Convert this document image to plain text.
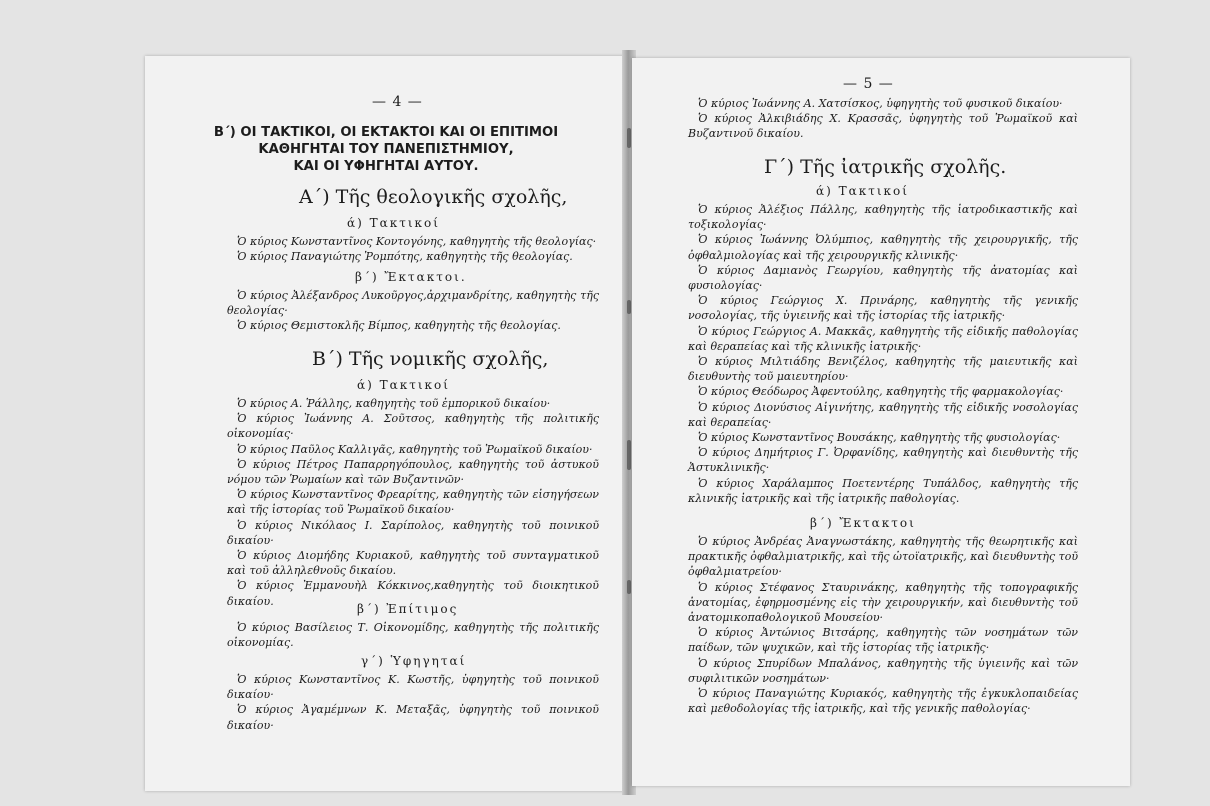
— 4 —
Β΄) ΟΙ ΤΑΚΤΙΚΟΙ, ΟΙ ΕΚΤΑΚΤΟΙ ΚΑΙ ΟΙ ΕΠΙΤΙΜΟΙ
ΚΑΘΗΓΗΤΑΙ ΤΟΥ ΠΑΝΕΠΙΣΤΗΜΙΟΥ,
ΚΑΙ ΟΙ ΥΦΗΓΗΤΑΙ ΑΥΤΟΥ.
Α΄) Τῆς θεολογικῆς σχολῆς,
ά) Τακτικοί

Ὁ κύριος Κωνσταντῖνος Κοντογόνης, καθηγητὴς τῆς θεολογίας·

Ὁ κύριος Παναγιώτης Ῥομπότης, καθηγητὴς τῆς θεολογίας.

β΄) Ἔκτακτοι.

Ὁ κύριος Ἀλέξανδρος Λυκοῦργος,ἀρχιμανδρίτης, καθηγητὴς τῆς θεολογίας·

Ὁ κύριος Θεμιστοκλῆς Βίμπος, καθηγητὴς τῆς θεολογίας.

Β΄) Τῆς νομικῆς σχολῆς,
ά) Τακτικοί

Ὁ κύριος Α. Ῥάλλης, καθηγητὴς τοῦ ἐμπορικοῦ δικαίου·

Ὁ κύριος Ἰωάννης Α. Σοῦτσος, καθηγητὴς τῆς πολιτικῆς οἰκονομίας·

Ὁ κύριος Παῦλος Καλλιγᾶς, καθηγητὴς τοῦ Ῥωμαϊκοῦ δικαίου·

Ὁ κύριος Πέτρος Παπαρρηγόπουλος, καθηγητὴς τοῦ ἀστυκοῦ νόμου τῶν Ῥωμαίων καὶ τῶν Βυζαντινῶν·

Ὁ κύριος Κωνσταντῖνος Φρεαρίτης, καθηγητὴς τῶν εἰσηγήσεων καὶ τῆς ἱστορίας τοῦ Ῥωμαϊκοῦ δικαίου·

Ὁ κύριος Νικόλαος Ι. Σαρίπολος, καθηγητὴς τοῦ ποινικοῦ δικαίου·

Ὁ κύριος Διομήδης Κυριακοῦ, καθηγητὴς τοῦ συνταγματικοῦ καὶ τοῦ ἀλληλεθνοῦς δικαίου.

Ὁ κύριος Ἐμμανουὴλ Κόκκινος,καθηγητὴς τοῦ διοικητικοῦ δικαίου.

β΄) Ἐπίτιμος

Ὁ κύριος Βασίλειος Τ. Οἰκονομίδης, καθηγητὴς τῆς πολιτικῆς οἰκονομίας.

γ΄) Ὑφηγηταί

Ὁ κύριος Κωνσταντῖνος Κ. Κωστῆς, ὑφηγητὴς τοῦ ποινικοῦ δικαίου·

Ὁ κύριος Ἀγαμέμνων Κ. Μεταξᾶς, ὑφηγητὴς τοῦ ποινικοῦ δικαίου·

— 5 —

Ὁ κύριος Ἰωάννης Α. Χατσίσκος, ὑφηγητὴς τοῦ φυσικοῦ δικαίου·

Ὁ κύριος Ἀλκιβιάδης Χ. Κρασσᾶς, ὑφηγητὴς τοῦ Ῥωμαϊκοῦ καὶ Βυζαντινοῦ δικαίου.

Γ΄) Τῆς ἰατρικῆς σχολῆς.
ά) Τακτικοί

Ὁ κύριος Ἀλέξιος Πάλλης, καθηγητὴς τῆς ἰατροδικαστικῆς καὶ τοξικολογίας·

Ὁ κύριος Ἰωάννης Ὀλύμπιος, καθηγητὴς τῆς χειρουργικῆς, τῆς ὀφθαλμιολογίας καὶ τῆς χειρουργικῆς κλινικῆς·

Ὁ κύριος Δαμιανὸς Γεωργίου, καθηγητὴς τῆς ἀνατομίας καὶ φυσιολογίας·

Ὁ κύριος Γεώργιος Χ. Πρινάρης, καθηγητὴς τῆς γενικῆς νοσολογίας, τῆς ὑγιεινῆς καὶ τῆς ἱστορίας τῆς ἰατρικῆς·

Ὁ κύριος Γεώργιος Α. Μακκᾶς, καθηγητὴς τῆς εἰδικῆς παθολογίας καὶ θεραπείας καὶ τῆς κλινικῆς ἰατρικῆς·

Ὁ κύριος Μιλτιάδης Βενιζέλος, καθηγητὴς τῆς μαιευτικῆς καὶ διευθυντὴς τοῦ μαιευτηρίου·

Ὁ κύριος Θεόδωρος Ἀφεντούλης, καθηγητὴς τῆς φαρμακολογίας·

Ὁ κύριος Διονύσιος Αἰγινήτης, καθηγητὴς τῆς εἰδικῆς νοσολογίας καὶ θεραπείας·

Ὁ κύριος Κωνσταντῖνος Βουσάκης, καθηγητὴς τῆς φυσιολογίας·

Ὁ κύριος Δημήτριος Γ. Ὀρφανίδης, καθηγητὴς καὶ διευθυντὴς τῆς Ἀστυκλινικῆς·

Ὁ κύριος Χαράλαμπος Ποετεντέρης Τυπάλδος, καθηγητὴς τῆς κλινικῆς ἰατρικῆς καὶ τῆς ἰατρικῆς παθολογίας.

β΄) Ἔκτακτοι

Ὁ κύριος Ἀνδρέας Ἀναγνωστάκης, καθηγητὴς τῆς θεωρητικῆς καὶ πρακτικῆς ὀφθαλμιατρικῆς, καὶ τῆς ὠτοϊατρικῆς, καὶ διευθυντὴς τοῦ ὀφθαλμιατρείου·

Ὁ κύριος Στέφανος Σταυρινάκης, καθηγητὴς τῆς τοπογραφικῆς ἀνατομίας, ἐφηρμοσμένης εἰς τὴν χειρουργικήν, καὶ διευθυντὴς τοῦ ἀνατομικοπαθολογικοῦ Μουσείου·

Ὁ κύριος Ἀντώνιος Βιτσάρης, καθηγητὴς τῶν νοσημάτων τῶν παίδων, τῶν ψυχικῶν, καὶ τῆς ἱστορίας τῆς ἰατρικῆς·

Ὁ κύριος Σπυρίδων Μπαλάνος, καθηγητὴς τῆς ὑγιεινῆς καὶ τῶν συφιλιτικῶν νοσημάτων·

Ὁ κύριος Παναγιώτης Κυριακός, καθηγητὴς τῆς ἐγκυκλοπαιδείας καὶ μεθοδολογίας τῆς ἰατρικῆς, καὶ τῆς γενικῆς παθολογίας·
